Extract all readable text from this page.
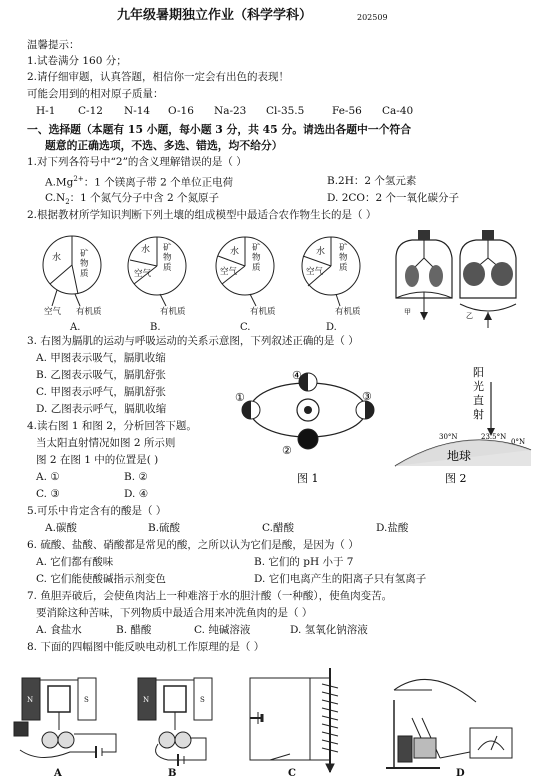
九年级暑期独立作业（科学学科）	202509
温馨提示：
1.试卷满分 160 分；
2.请仔细审题，认真答题，相信你一定会有出色的表现！
可能会用到的相对原子质量：
H-1 C-12 N-14 O-16 Na-23 Cl-35.5	Fe-56 Ca-40
一、选择题（本题有 15 小题，每小题 3 分，共 45 分。请选出各题中一个符合
题意的正确选项，不选、多选、错选，均不给分）
1.对下列各符号中“2”的含义理解错误的是（ ）
$A.Mg^{2+}$：1 个镁离子带 2 个单位正电荷	B.2H：2 个氢元素
$C.N_2$：1 个氮气分子中含 2 个氮原子	D. 2CO：2 个一氧化碳分子
2.根据教材所学知识判断下列土壤的组成模型中最适合农作物生长的是（ ）
水 矿物质
空气 有机质
水 矿物质
空气
有机质
水 矿物质
空气
有机质
水 矿物质
空气
有机质
A.	B.	C.	D.
甲	乙
3. 右图为膈肌的运动与呼吸运动的关系示意图，下列叙述正确的是（ ）
A. 甲图表示吸气，膈肌收缩
B. 乙图表示吸气，膈肌舒张
C. 甲图表示呼气，膈肌舒张
D. 乙图表示呼气，膈肌收缩
4.读右图 1 和图 2，分析回答下题。
当太阳直射情况如图 2 所示则
图 2 在图 1 中的位置是( )
A. ①	B. ②
C. ③	D. ④
④
①	③
②
图 1
阳
光
直
射
30°N	23.5°N
0°N
地球
图 2
5.可乐中肯定含有的酸是（ ）
A.碳酸	B.硫酸	C.醋酸	D.盐酸
6. 硫酸、盐酸、硝酸都是常见的酸，之所以认为它们是酸，是因为（ ）
A. 它们都有酸味	B. 它们的 pH 小于 7
C. 它们能使酸碱指示剂变色	D. 它们电离产生的阳离子只有氢离子
7. 鱼胆弄破后，会使鱼肉沾上一种难溶于水的胆汁酸（一种酸），使鱼肉变苦。
要消除这种苦味，下列物质中最适合用来冲洗鱼肉的是（ ）
A. 食盐水	B. 醋酸	C. 纯碱溶液	D. 氢氧化钠溶液
8. 下面的四幅图中能反映电动机工作原理的是（ ）
N	S	N	S
A	B	C	D
